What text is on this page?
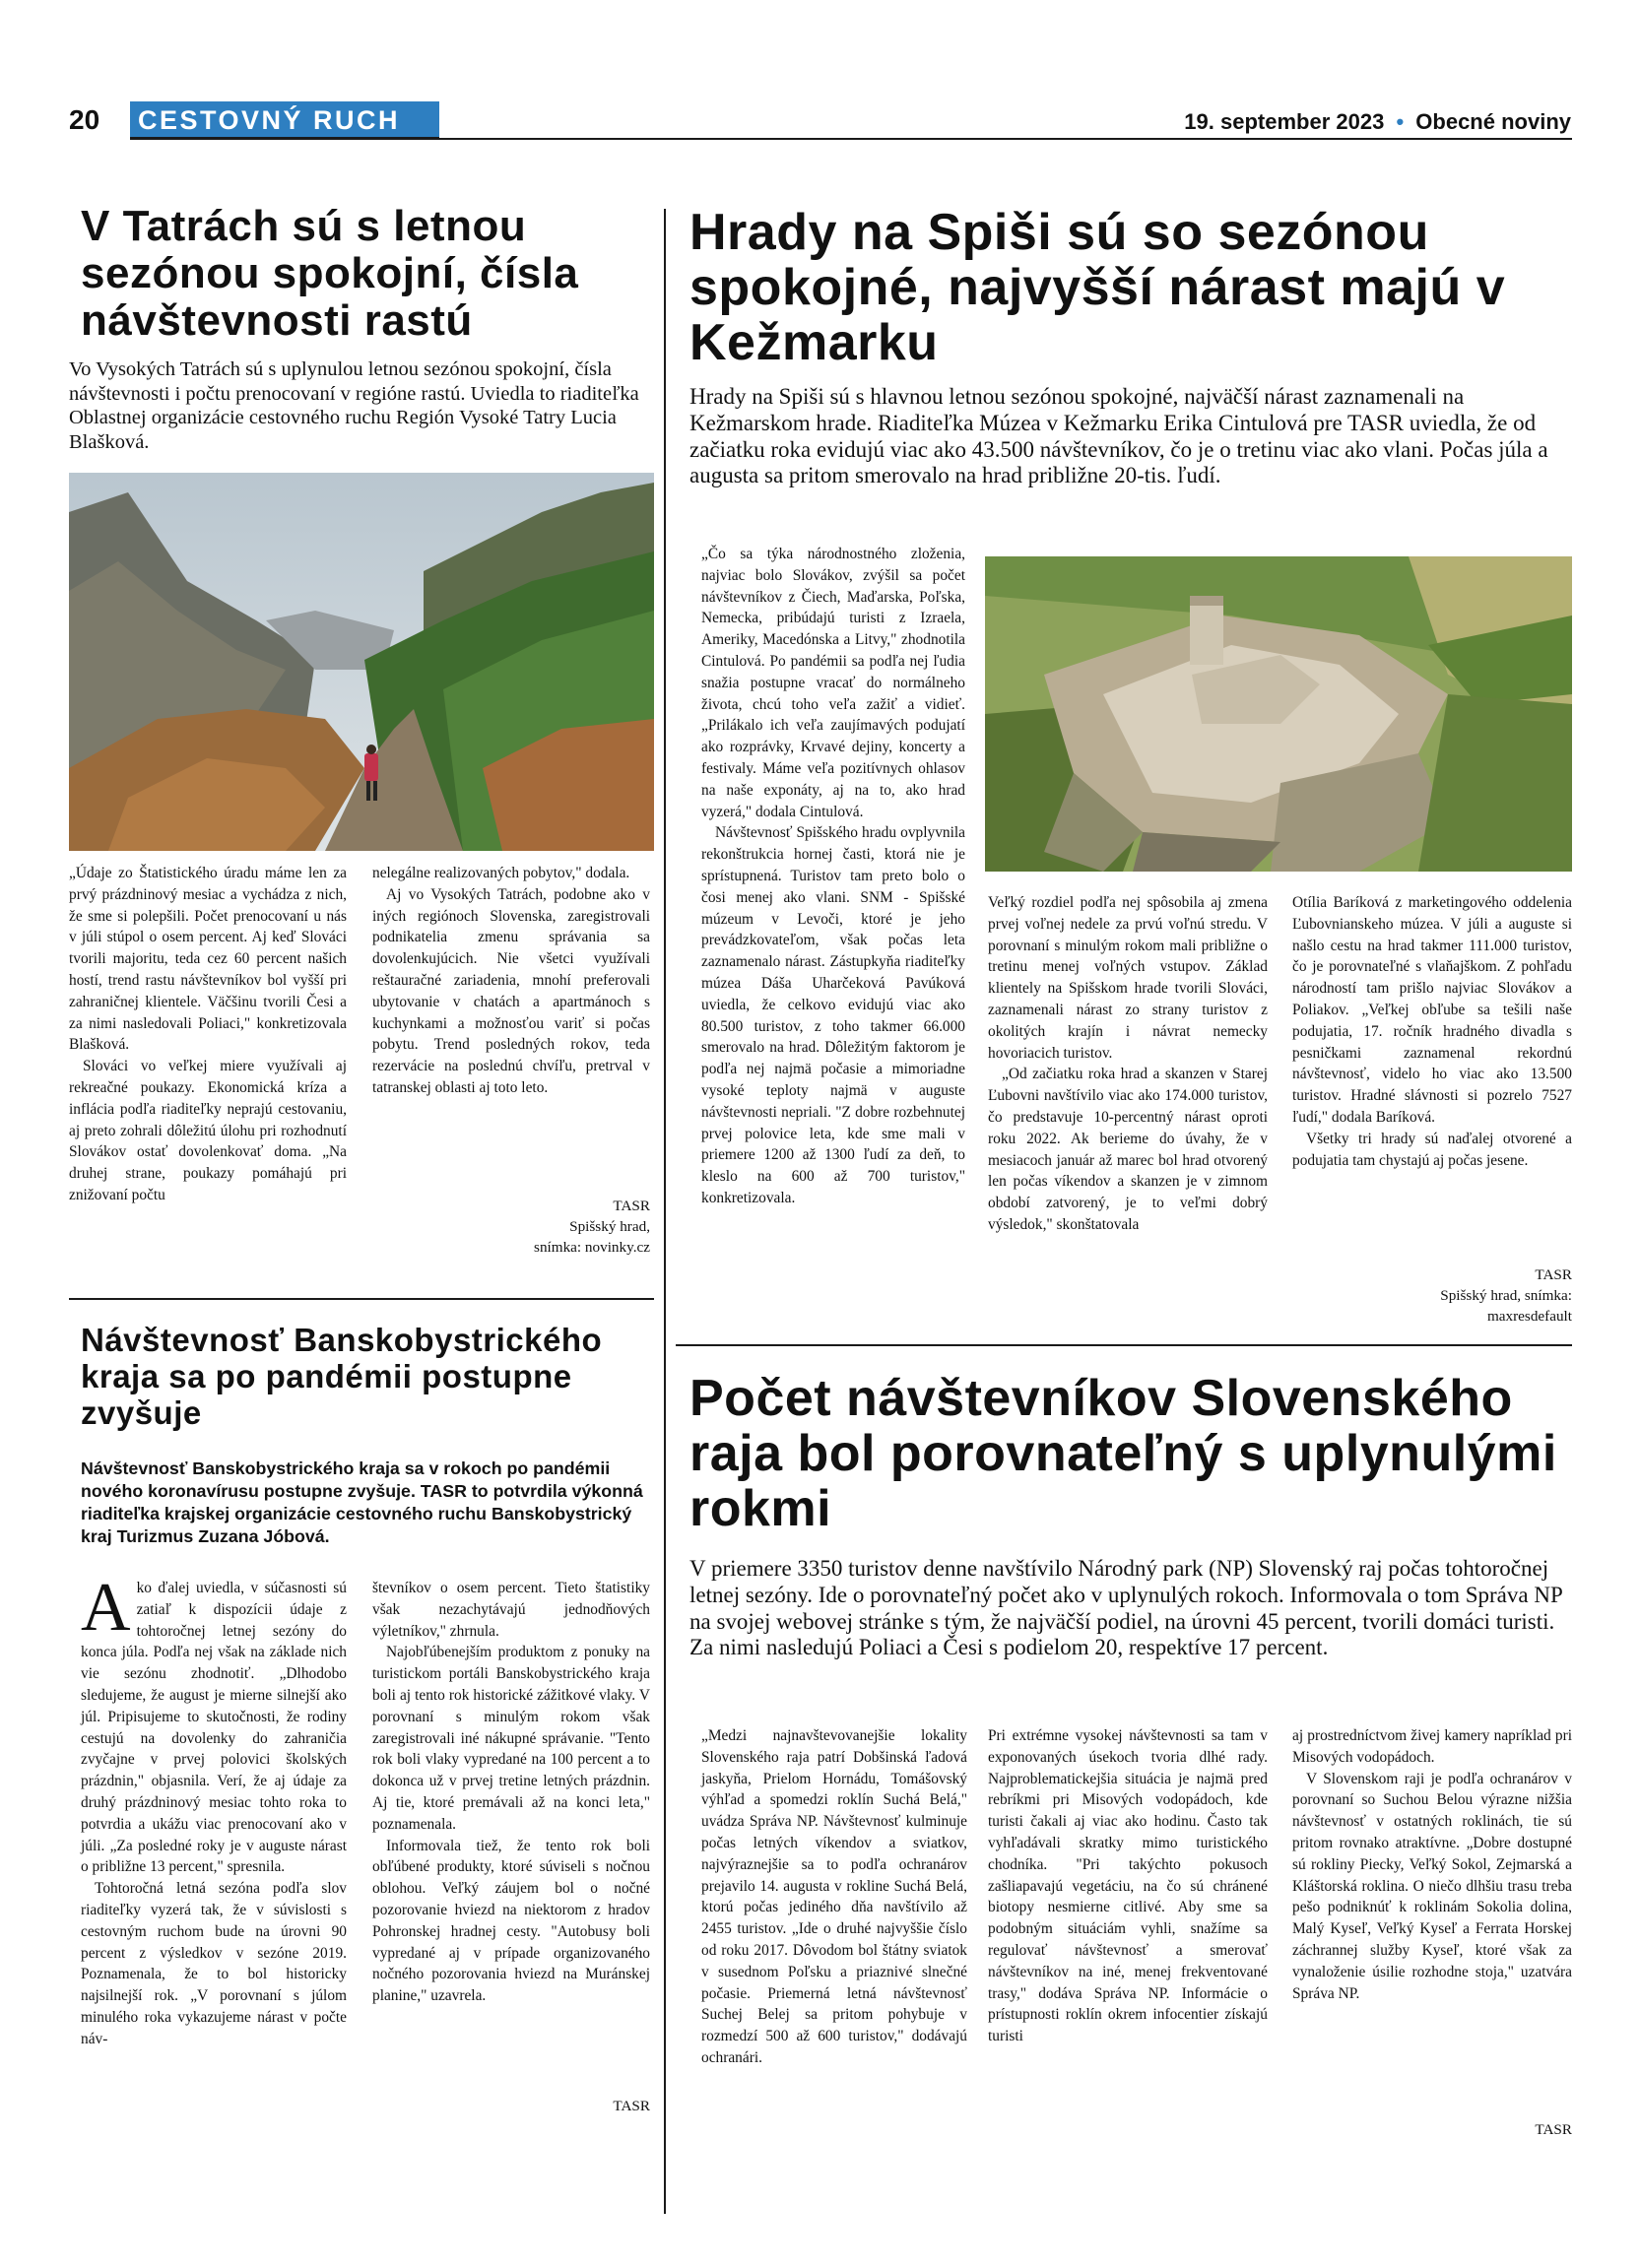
20 CESTOVNÝ RUCH	19. september 2023 • Obecné noviny
V Tatrách sú s letnou sezónou spokojní, čísla návštevnosti rastú
Vo Vysokých Tatrách sú s uplynulou letnou sezónou spokojní, čísla návštevnosti i počtu prenocovaní v regióne rastú. Uviedla to riaditeľka Oblastnej organizácie cestovného ruchu Región Vysoké Tatry Lucia Blašková.

„Údaje zo Štatistického úradu máme len za prvý prázdninový mesiac a vychádza z nich, že sme si polepšili. Počet prenocovaní u nás v júli stúpol o osem percent. Aj keď Slováci tvorili majoritu, teda cez 60 percent našich hostí, trend rastu návštevníkov bol vyšší pri zahraničnej klientele. Väčšinu tvorili Česi a za nimi nasledovali Poliaci," konkretizovala Blašková.

Slováci vo veľkej miere využívali aj rekreačné poukazy. Ekonomická kríza a inflácia podľa riaditeľky neprajú cestovaniu, aj preto zohrali dôležitú úlohu pri rozhodnutí Slovákov ostať dovolenkovať doma. „Na druhej strane, poukazy pomáhajú pri znižovaní počtu

nelegálne realizovaných pobytov," dodala.

Aj vo Vysokých Tatrách, podobne ako v iných regiónoch Slovenska, zaregistrovali podnikatelia zmenu správania sa dovolenkujúcich. Nie všetci využívali reštauračné zariadenia, mnohí preferovali ubytovanie v chatách a apartmánoch s kuchynkami a možnosťou variť si počas pobytu. Trend posledných rokov, teda rezervácie na poslednú chvíľu, pretrval v tatranskej oblasti aj toto leto.

TASR
Spišský hrad,
snímka: novinky.cz
Hrady na Spiši sú so sezónou spokojné, najvyšší nárast majú v Kežmarku
Hrady na Spiši sú s hlavnou letnou sezónou spokojné, najväčší nárast zaznamenali na Kežmarskom hrade. Riaditeľka Múzea v Kežmarku Erika Cintulová pre TASR uviedla, že od začiatku roka evidujú viac ako 43.500 návštevníkov, čo je o tretinu viac ako vlani. Počas júla a augusta sa pritom smerovalo na hrad približne 20-tis. ľudí.

„Čo sa týka národnostného zloženia, najviac bolo Slovákov, zvýšil sa počet návštevníkov z Čiech, Maďarska, Poľska, Nemecka, pribúdajú turisti z Izraela, Ameriky, Macedónska a Litvy," zhodnotila Cintulová. Po pandémii sa podľa nej ľudia snažia postupne vracať do normálneho života, chcú toho veľa zažiť a vidieť. „Prilákalo ich veľa zaujímavých podujatí ako rozprávky, Krvavé dejiny, koncerty a festivaly. Máme veľa pozitívnych ohlasov na naše exponáty, aj na to, ako hrad vyzerá," dodala Cintulová.

Návštevnosť Spišského hradu ovplyvnila rekonštrukcia hornej časti, ktorá nie je sprístupnená. Turistov tam preto bolo o čosi menej ako vlani. SNM - Spišské múzeum v Levoči, ktoré je jeho prevádzkovateľom, však počas leta zaznamenalo nárast. Zástupkyňa riaditeľky múzea Dáša Uharčeková Pavúková uviedla, že celkovo evidujú viac ako 80.500 turistov, z toho takmer 66.000 smerovalo na hrad. Dôležitým faktorom je podľa nej najmä počasie a mimoriadne vysoké teploty najmä v auguste návštevnosti nepriali. "Z dobre rozbehnutej prvej polovice leta, kde sme mali v priemere 1200 až 1300 ľudí za deň, to kleslo na 600 až 700 turistov," konkretizovala.

Veľký rozdiel podľa nej spôsobila aj zmena prvej voľnej nedele za prvú voľnú stredu. V porovnaní s minulým rokom mali približne o tretinu menej voľných vstupov. Základ klientely na Spišskom hrade tvorili Slováci, zaznamenali nárast zo strany turistov z okolitých krajín i návrat nemecky hovoriacich turistov.

„Od začiatku roka hrad a skanzen v Starej Ľubovni navštívilo viac ako 174.000 turistov, čo predstavuje 10-percentný nárast oproti roku 2022. Ak berieme do úvahy, že v mesiacoch január až marec bol hrad otvorený len počas víkendov a skanzen je v zimnom období zatvorený, je to veľmi dobrý výsledok," skonštatovala

Otília Baríková z marketingového oddelenia Ľubovnianskeho múzea. V júli a auguste si našlo cestu na hrad takmer 111.000 turistov, čo je porovnateľné s vlaňajškom. Z pohľadu národností tam prišlo najviac Slovákov a Poliakov. „Veľkej obľube sa tešili naše podujatia, 17. ročník hradného divadla s pesničkami zaznamenal rekordnú návštevnosť, videlo ho viac ako 13.500 turistov. Hradné slávnosti si pozrelo 7527 ľudí," dodala Baríková.

Všetky tri hrady sú naďalej otvorené a podujatia tam chystajú aj počas jesene.

TASR
Spišský hrad, snímka:
maxresdefault
Návštevnosť Banskobystrického kraja sa po pandémii postupne zvyšuje
Návštevnosť Banskobystrického kraja sa v rokoch po pandémii nového koronavírusu postupne zvyšuje. TASR to potvrdila výkonná riaditeľka krajskej organizácie cestovného ruchu Banskobystrický kraj Turizmus Zuzana Jóbová.

Ako ďalej uviedla, v súčasnosti sú zatiaľ k dispozícii údaje z tohtoročnej letnej sezóny do konca júla. Podľa nej však na základe nich vie sezónu zhodnotiť. „Dlhodobo sledujeme, že august je mierne silnejší ako júl. Pripisujeme to skutočnosti, že rodiny cestujú na dovolenky do zahraničia zvyčajne v prvej polovici školských prázdnin," objasnila. Verí, že aj údaje za druhý prázdninový mesiac tohto roka to potvrdia a ukážu viac prenocovaní ako v júli. „Za posledné roky je v auguste nárast o približne 13 percent," spresnila.

Tohtoročná letná sezóna podľa slov riaditeľky vyzerá tak, že v súvislosti s cestovným ruchom bude na úrovni 90 percent z výsledkov v sezóne 2019. Poznamenala, že to bol historicky najsilnejší rok. „V porovnaní s júlom minulého roka vykazujeme nárast v počte náv-

števníkov o osem percent. Tieto štatistiky však nezachytávajú jednodňových výletníkov," zhrnula.

Najobľúbenejším produktom z ponuky na turistickom portáli Banskobystrického kraja boli aj tento rok historické zážitkové vlaky. V porovnaní s minulým rokom však zaregistrovali iné nákupné správanie. "Tento rok boli vlaky vypredané na 100 percent a to dokonca už v prvej tretine letných prázdnin. Aj tie, ktoré premávali až na konci leta," poznamenala.

Informovala tiež, že tento rok boli obľúbené produkty, ktoré súviseli s nočnou oblohou. Veľký záujem bol o nočné pozorovanie hviezd na niektorom z hradov Pohronskej hradnej cesty. "Autobusy boli vypredané aj v prípade organizovaného nočného pozorovania hviezd na Muránskej planine," uzavrela.

TASR
Počet návštevníkov Slovenského raja bol porovnateľný s uplynulými rokmi
V priemere 3350 turistov denne navštívilo Národný park (NP) Slovenský raj počas tohtoročnej letnej sezóny. Ide o porovnateľný počet ako v uplynulých rokoch. Informovala o tom Správa NP na svojej webovej stránke s tým, že najväčší podiel, na úrovni 45 percent, tvorili domáci turisti. Za nimi nasledujú Poliaci a Česi s podielom 20, respektíve 17 percent.

„Medzi najnavštevovanejšie lokality Slovenského raja patrí Dobšinská ľadová jaskyňa, Prielom Hornádu, Tomášovský výhľad a spomedzi roklín Suchá Belá," uvádza Správa NP. Návštevnosť kulminuje počas letných víkendov a sviatkov, najvýraznejšie sa to podľa ochranárov prejavilo 14. augusta v rokline Suchá Belá, ktorú počas jediného dňa navštívilo až 2455 turistov. „Ide o druhé najvyššie číslo od roku 2017. Dôvodom bol štátny sviatok v susednom Poľsku a priaznivé slnečné počasie. Priemerná letná návštevnosť Suchej Belej sa pritom pohybuje v rozmedzí 500 až 600 turistov," dodávajú ochranári.

Pri extrémne vysokej návštevnosti sa tam v exponovaných úsekoch tvoria dlhé rady. Najproblematickejšia situácia je najmä pred rebríkmi pri Misových vodopádoch, kde turisti čakali aj viac ako hodinu. Často tak vyhľadávali skratky mimo turistického chodníka. "Pri takýchto pokusoch zašliapavajú vegetáciu, na čo sú chránené biotopy nesmierne citlivé. Aby sme sa podobným situáciám vyhli, snažíme sa regulovať návštevnosť a smerovať návštevníkov na iné, menej frekventované trasy," dodáva Správa NP. Informácie o prístupnosti roklín okrem infocentier získajú turisti

aj prostredníctvom živej kamery napríklad pri Misových vodopádoch.

V Slovenskom raji je podľa ochranárov v porovnaní so Suchou Belou výrazne nižšia návštevnosť v ostatných roklinách, tie sú pritom rovnako atraktívne. „Dobre dostupné sú rokliny Piecky, Veľký Sokol, Zejmarská a Kláštorská roklina. O niečo dlhšiu trasu treba pešo podniknúť k roklinám Sokolia dolina, Malý Kyseľ, Veľký Kyseľ a Ferrata Horskej záchrannej služby Kyseľ, ktoré však za vynaloženie úsilie rozhodne stoja," uzatvára Správa NP.

TASR
